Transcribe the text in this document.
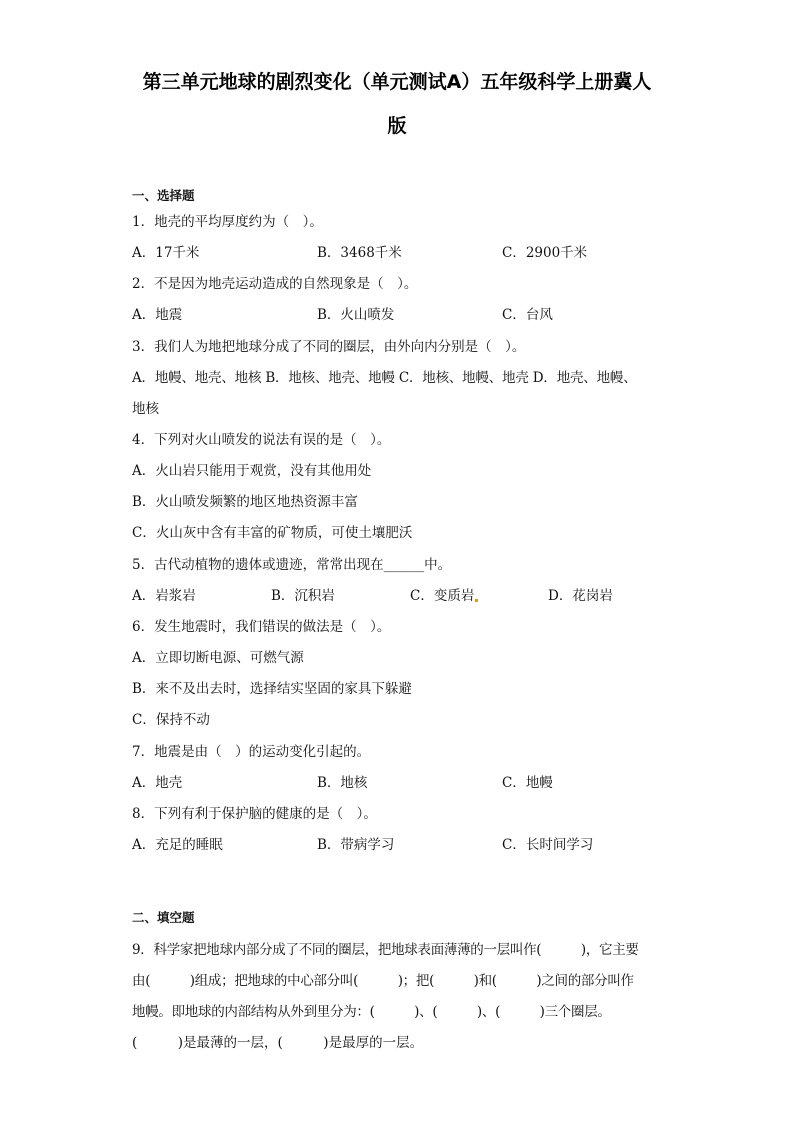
第三单元地球的剧烈变化（单元测试A）五年级科学上册冀人
版
一、选择题
1．地壳的平均厚度约为（　）。
A．17千米	B．3468千米	C．2900千米
2．不是因为地壳运动造成的自然现象是（　）。
A．地震	B．火山喷发	C．台风
3．我们人为地把地球分成了不同的圈层，由外向内分别是（　）。
A．地幔、地壳、地核 B．地核、地壳、地幔 C．地核、地幔、地壳 D．地壳、地幔、
地核
4．下列对火山喷发的说法有误的是（　）。
A．火山岩只能用于观赏，没有其他用处
B．火山喷发频繁的地区地热资源丰富
C．火山灰中含有丰富的矿物质，可使土壤肥沃
5．古代动植物的遗体或遗迹，常常出现在______中。
A．岩浆岩	B．沉积岩	C．变质岩	D．花岗岩
6．发生地震时，我们错误的做法是（　）。
A．立即切断电源、可燃气源
B．来不及出去时，选择结实坚固的家具下躲避
C．保持不动
7．地震是由（　）的运动变化引起的。
A．地壳	B．地核	C．地幔
8．下列有利于保护脑的健康的是（　）。
A．充足的睡眠	B．带病学习	C．长时间学习
二、填空题
9．科学家把地球内部分成了不同的圈层，把地球表面薄薄的一层叫作(　　　)，它主要
由(　　　)组成；把地球的中心部分叫(　　　)；把(　　　)和(　　　)之间的部分叫作
地幔。即地球的内部结构从外到里分为：(　　　)、(　　　)、(　　　)三个圈层。
(　　　)是最薄的一层，(　　　)是最厚的一层。
